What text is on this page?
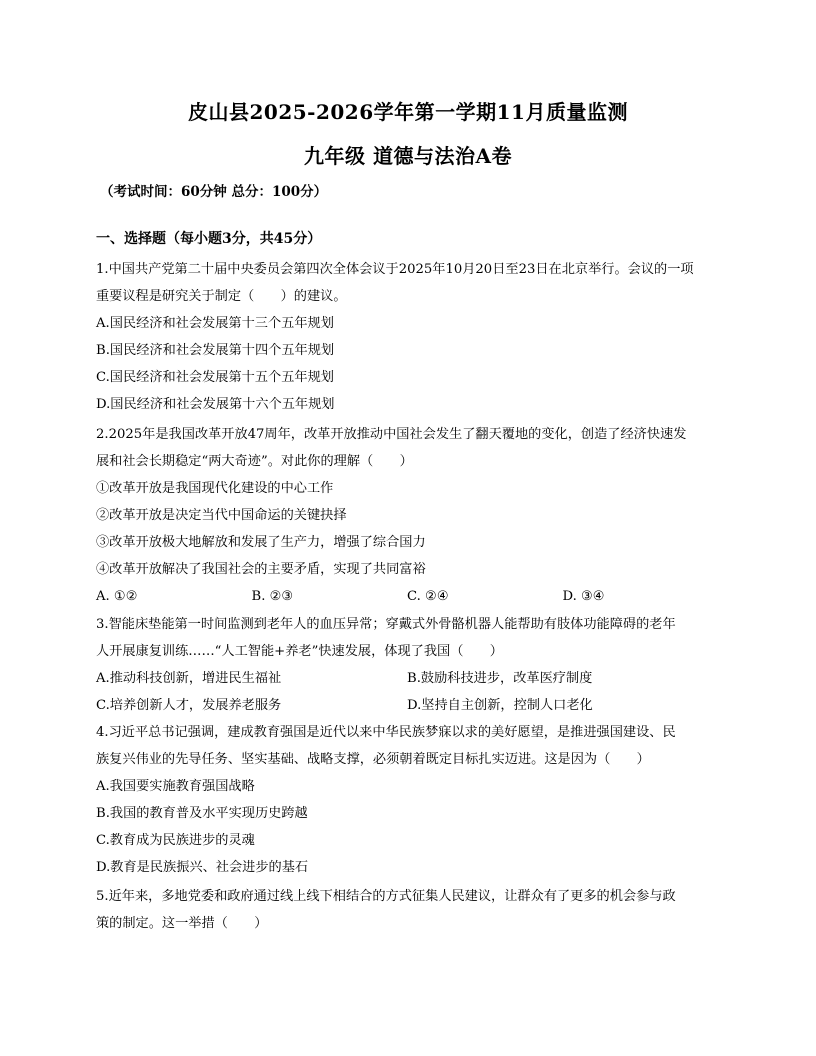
皮山县2025-2026学年第一学期11月质量监测
九年级 道德与法治A卷
（考试时间：60分钟 总分：100分）
一、选择题（每小题3分，共45分）
1.中国共产党第二十届中央委员会第四次全体会议于2025年10月20日至23日在北京举行。会议的一项
重要议程是研究关于制定（　　）的建议。
A.国民经济和社会发展第十三个五年规划
B.国民经济和社会发展第十四个五年规划
C.国民经济和社会发展第十五个五年规划
D.国民经济和社会发展第十六个五年规划
2.2025年是我国改革开放47周年，改革开放推动中国社会发生了翻天覆地的变化，创造了经济快速发
展和社会长期稳定“两大奇迹”。对此你的理解（　　）
①改革开放是我国现代化建设的中心工作
②改革开放是决定当代中国命运的关键抉择
③改革开放极大地解放和发展了生产力，增强了综合国力
④改革开放解决了我国社会的主要矛盾，实现了共同富裕
A. ①②	B. ②③	C. ②④	D. ③④
3.智能床垫能第一时间监测到老年人的血压异常；穿戴式外骨骼机器人能帮助有肢体功能障碍的老年
人开展康复训练……“人工智能+养老”快速发展，体现了我国（　　）
A.推动科技创新，增进民生福祉	B.鼓励科技进步，改革医疗制度
C.培养创新人才，发展养老服务	D.坚持自主创新，控制人口老化
4.习近平总书记强调，建成教育强国是近代以来中华民族梦寐以求的美好愿望，是推进强国建设、民
族复兴伟业的先导任务、坚实基础、战略支撑，必须朝着既定目标扎实迈进。这是因为（　　）
A.我国要实施教育强国战略
B.我国的教育普及水平实现历史跨越
C.教育成为民族进步的灵魂
D.教育是民族振兴、社会进步的基石
5.近年来，多地党委和政府通过线上线下相结合的方式征集人民建议，让群众有了更多的机会参与政
策的制定。这一举措（　　）
